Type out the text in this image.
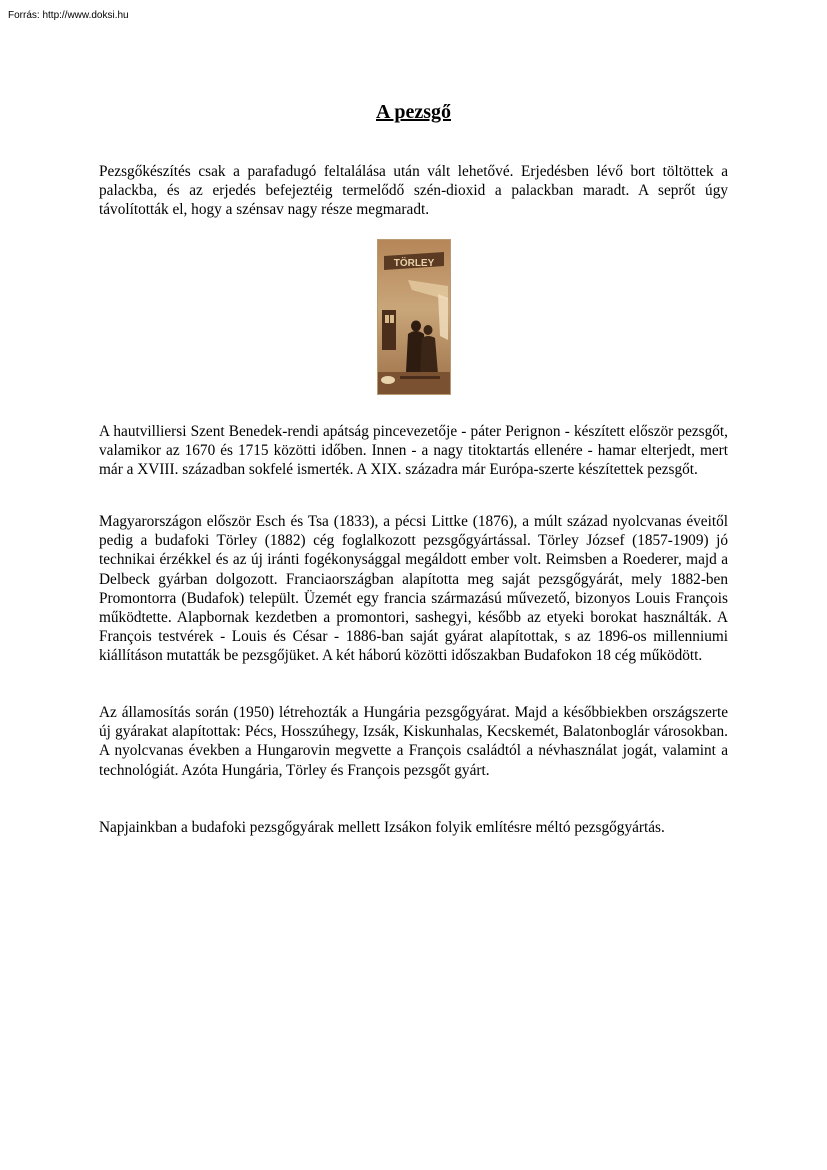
Forrás: http://www.doksi.hu
A pezsgő

Pezsgőkészítés csak a parafadugó feltalálása után vált lehetővé. Erjedésben lévő bort töltöttek a palackba, és az erjedés befejeztéig termelődő szén-dioxid a palackban maradt. A seprőt úgy távolították el, hogy a szénsav nagy része megmaradt.

TÖRLEY

A hautvilliersi Szent Benedek-rendi apátság pincevezetője - páter Perignon - készített először pezsgőt, valamikor az 1670 és 1715 közötti időben. Innen - a nagy titoktartás ellenére - hamar elterjedt, mert már a XVIII. században sokfelé ismerték. A XIX. századra már Európa-szerte készítettek pezsgőt.

Magyarországon először Esch és Tsa (1833), a pécsi Littke (1876), a múlt század nyolcvanas éveitől pedig a budafoki Törley (1882) cég foglalkozott pezsgőgyártással. Törley József (1857-1909) jó technikai érzékkel és az új iránti fogékonysággal megáldott ember volt. Reimsben a Roederer, majd a Delbeck gyárban dolgozott. Franciaországban alapította meg saját pezsgőgyárát, mely 1882-ben Promontorra (Budafok) települt. Üzemét egy francia származású művezető, bizonyos Louis François működtette. Alapbornak kezdetben a promontori, sashegyi, később az etyeki borokat használták. A François testvérek - Louis és César - 1886-ban saját gyárat alapítottak, s az 1896-os millenniumi kiállításon mutatták be pezsgőjüket. A két háború közötti időszakban Budafokon 18 cég működött.

Az államosítás során (1950) létrehozták a Hungária pezsgőgyárat. Majd a későbbiekben országszerte új gyárakat alapítottak: Pécs, Hosszúhegy, Izsák, Kiskunhalas, Kecskemét, Balatonboglár városokban. A nyolcvanas években a Hungarovin megvette a François családtól a névhasználat jogát, valamint a technológiát. Azóta Hungária, Törley és François pezsgőt gyárt.

Napjainkban a budafoki pezsgőgyárak mellett Izsákon folyik említésre méltó pezsgőgyártás.
